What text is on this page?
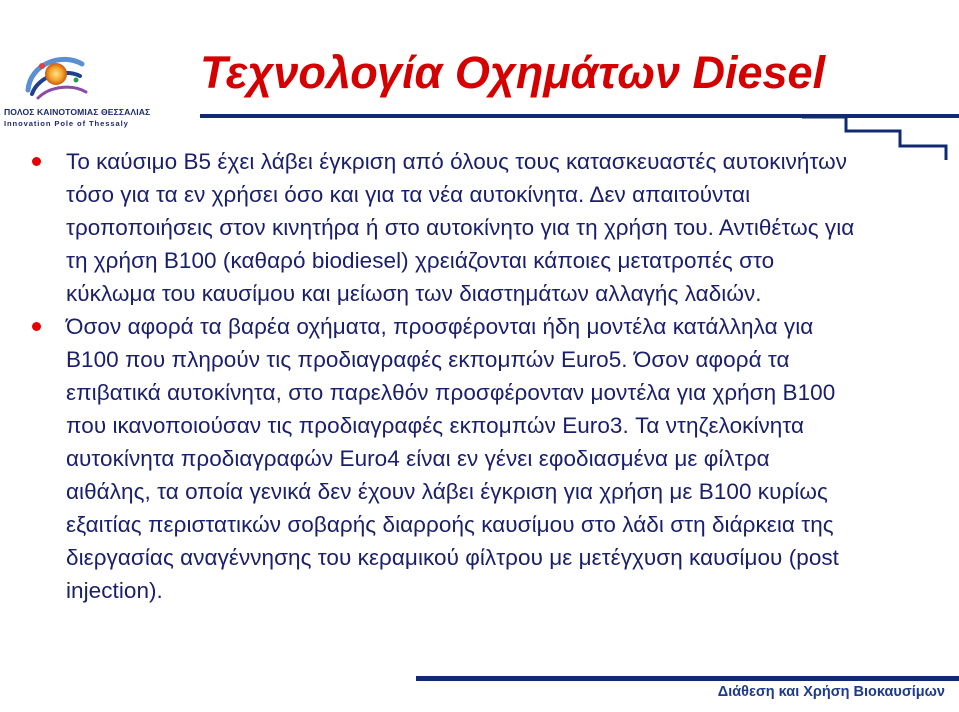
ΠΟΛΟΣ ΚΑΙΝΟΤΟΜΙΑΣ ΘΕΣΣΑΛΙΑΣ
Innovation Pole of Thessaly
Τεχνολογία Οχημάτων Diesel
Το καύσιμο B5 έχει λάβει έγκριση από όλους τους κατασκευαστές αυτοκινήτων τόσο για τα εν χρήσει όσο και για τα νέα αυτοκίνητα. Δεν απαιτούνται τροποποιήσεις στον κινητήρα ή στο αυτοκίνητο για τη χρήση του. Αντιθέτως για τη χρήση B100 (καθαρό biodiesel) χρειάζονται κάποιες μετατροπές στο κύκλωμα του καυσίμου και μείωση των διαστημάτων αλλαγής λαδιών.
Όσον αφορά τα βαρέα οχήματα, προσφέρονται ήδη μοντέλα κατάλληλα για B100 που πληρούν τις προδιαγραφές εκπομπών Euro5. Όσον αφορά τα επιβατικά αυτοκίνητα, στο παρελθόν προσφέρονταν μοντέλα για χρήση B100 που ικανοποιούσαν τις προδιαγραφές εκπομπών Euro3. Τα ντηζελοκίνητα αυτοκίνητα προδιαγραφών Euro4 είναι εν γένει εφοδιασμένα με φίλτρα αιθάλης, τα οποία γενικά δεν έχουν λάβει έγκριση για χρήση με B100 κυρίως εξαιτίας περιστατικών σοβαρής διαρροής καυσίμου στο λάδι στη διάρκεια της διεργασίας αναγέννησης του κεραμικού φίλτρου με μετέγχυση καυσίμου (post injection).
Διάθεση και Χρήση Βιοκαυσίμων
